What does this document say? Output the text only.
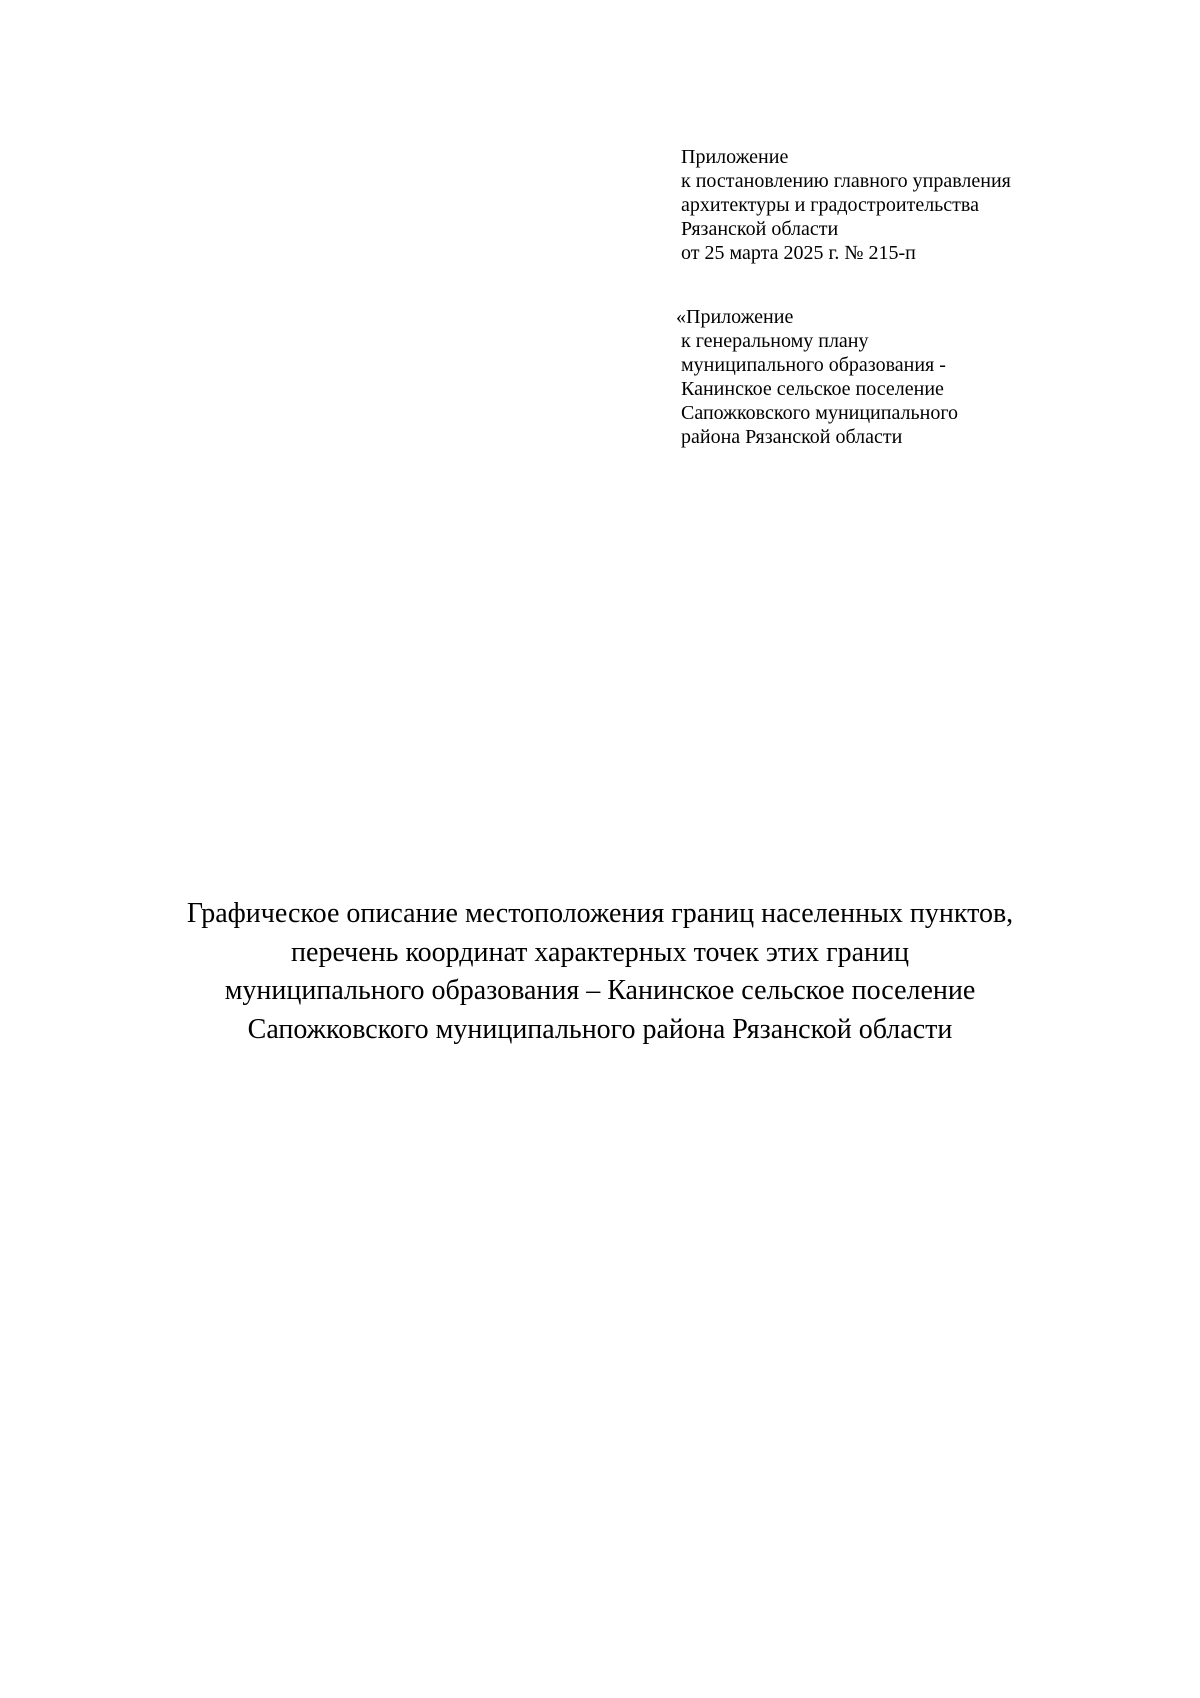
Приложение
к постановлению главного управления
архитектуры и градостроительства
Рязанской области
от 25 марта 2025 г. № 215-п
«Приложение
к генеральному плану
муниципального образования -
Канинское сельское поселение
Сапожковского муниципального
района Рязанской области
Графическое описание местоположения границ населенных пунктов,
перечень координат характерных точек этих границ
муниципального образования – Канинское сельское поселение
Сапожковского муниципального района Рязанской области
